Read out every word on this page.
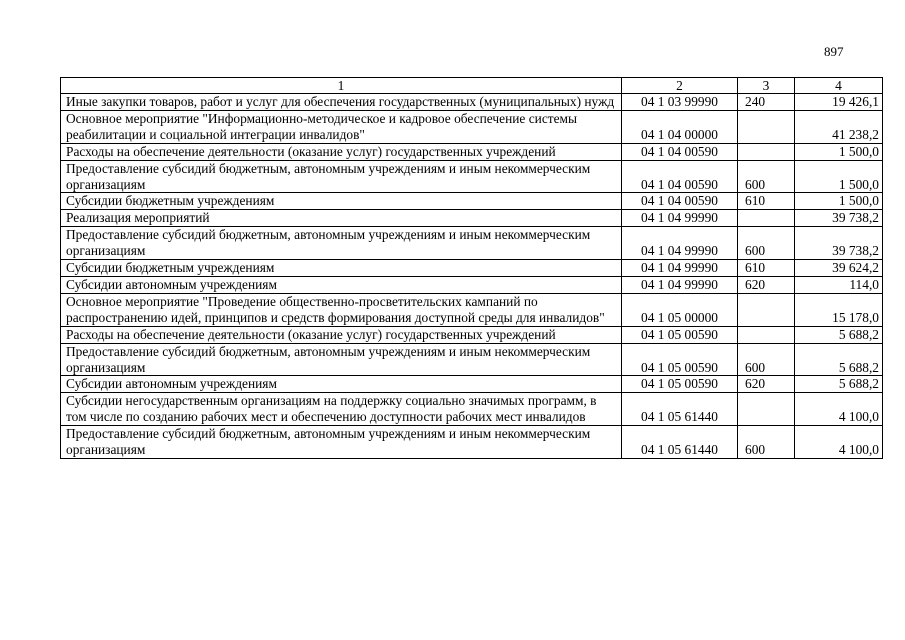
897
1	2	3	4
Иные закупки товаров, работ и услуг для обеспечения государственных (муниципальных) нужд	04 1 03 99990	240	19 426,1
Основное мероприятие "Информационно-методическое и кадровое обеспечение системы реабилитации и социальной интеграции инвалидов"	04 1 04 00000		41 238,2
Расходы на обеспечение деятельности (оказание услуг) государственных учреждений	04 1 04 00590		1 500,0
Предоставление субсидий бюджетным, автономным учреждениям и иным некоммерческим организациям	04 1 04 00590	600	1 500,0
Субсидии бюджетным учреждениям	04 1 04 00590	610	1 500,0
Реализация мероприятий	04 1 04 99990		39 738,2
Предоставление субсидий бюджетным, автономным учреждениям и иным некоммерческим организациям	04 1 04 99990	600	39 738,2
Субсидии бюджетным учреждениям	04 1 04 99990	610	39 624,2
Субсидии автономным учреждениям	04 1 04 99990	620	114,0
Основное мероприятие "Проведение общественно-просветительских кампаний по распространению идей, принципов и средств формирования доступной среды для инвалидов"	04 1 05 00000		15 178,0
Расходы на обеспечение деятельности (оказание услуг) государственных учреждений	04 1 05 00590		5 688,2
Предоставление субсидий бюджетным, автономным учреждениям и иным некоммерческим организациям	04 1 05 00590	600	5 688,2
Субсидии автономным учреждениям	04 1 05 00590	620	5 688,2
Субсидии негосударственным организациям на поддержку социально значимых программ, в том числе по созданию рабочих мест и обеспечению доступности рабочих мест инвалидов	04 1 05 61440		4 100,0
Предоставление субсидий бюджетным, автономным учреждениям и иным некоммерческим организациям	04 1 05 61440	600	4 100,0
